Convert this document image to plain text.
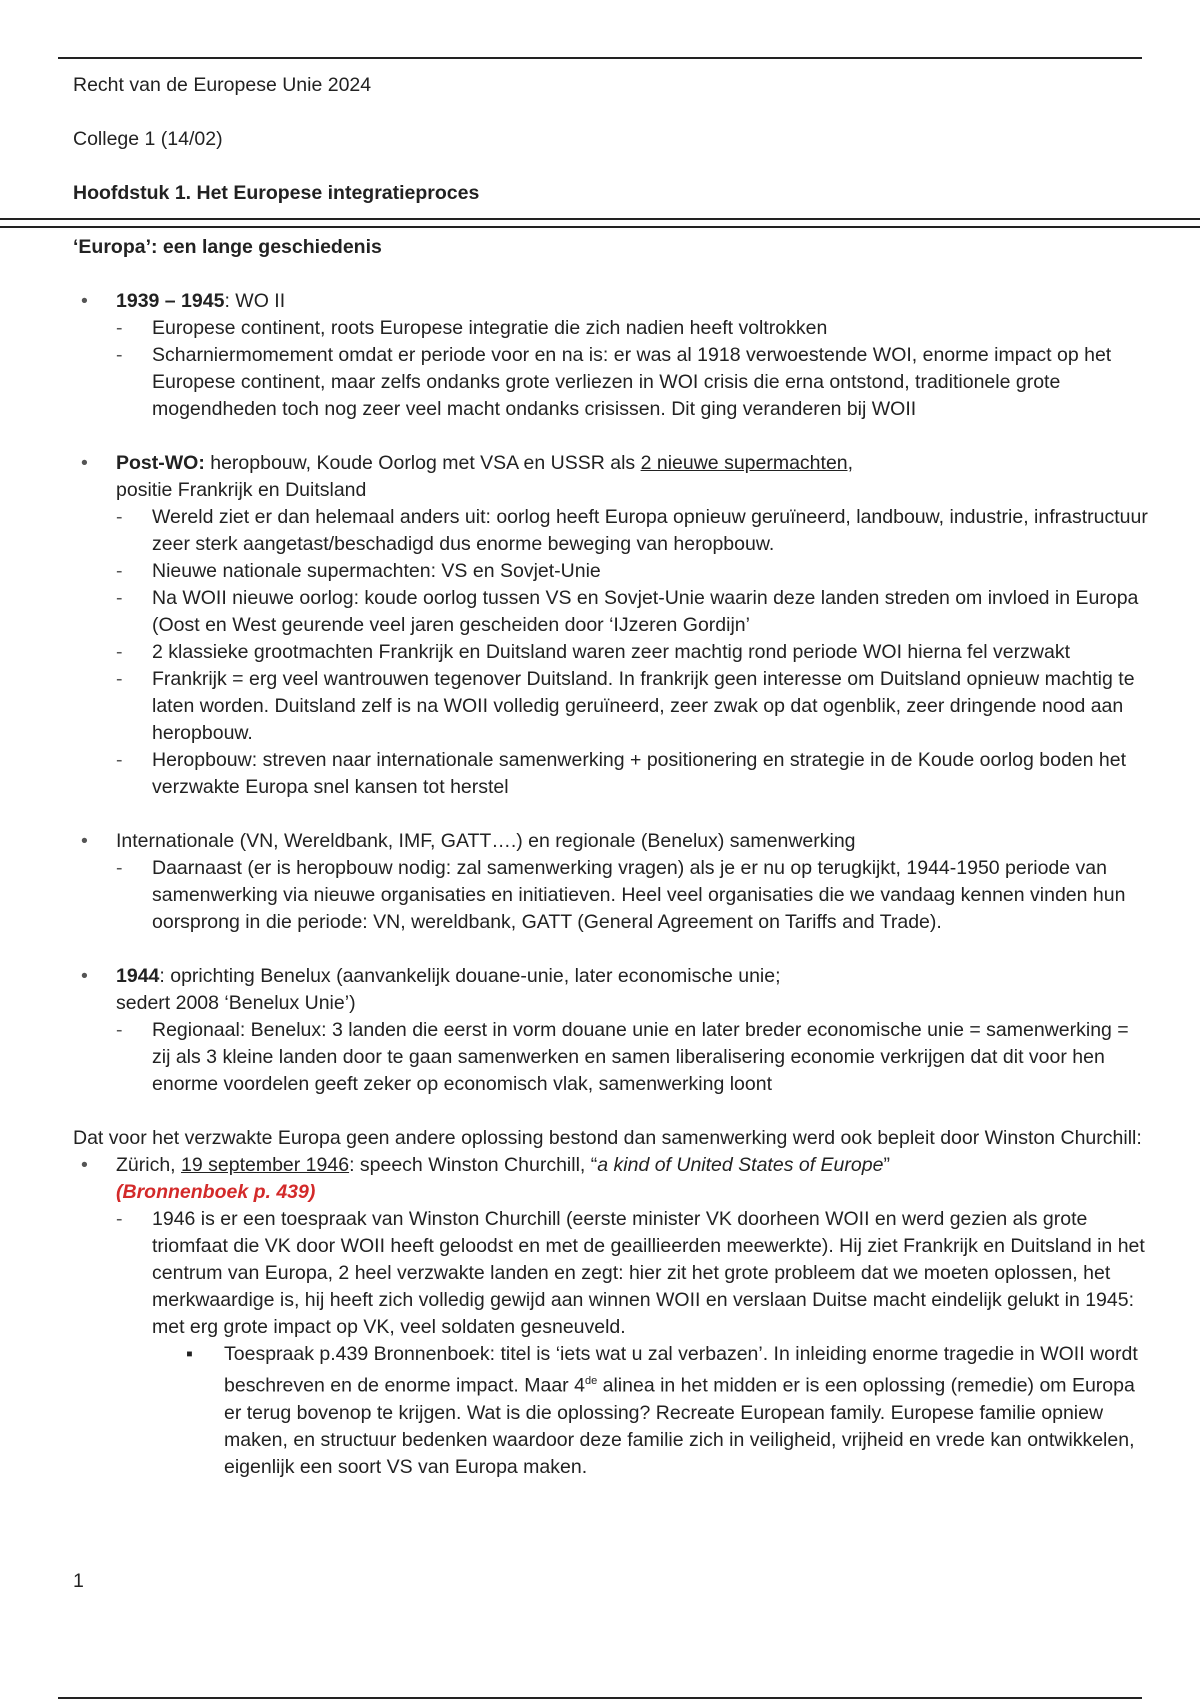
Recht van de Europese Unie 2024

College 1 (14/02)

Hoofdstuk 1. Het Europese integratieproces

‘Europa’: een lange geschiedenis

• 1939 – 1945: WO II
- Europese continent, roots Europese integratie die zich nadien heeft voltrokken
- Scharniermomement omdat er periode voor en na is: er was al 1918 verwoestende WOI, enorme impact op het Europese continent, maar zelfs ondanks grote verliezen in WOI crisis die erna ontstond, traditionele grote mogendheden toch nog zeer veel macht ondanks crisissen. Dit ging veranderen bij WOII
• Post-WO: heropbouw, Koude Oorlog met VSA en USSR als 2 nieuwe supermachten,
positie Frankrijk en Duitsland
- Wereld ziet er dan helemaal anders uit: oorlog heeft Europa opnieuw geruïneerd, landbouw, industrie, infrastructuur zeer sterk aangetast/beschadigd dus enorme beweging van heropbouw.
- Nieuwe nationale supermachten: VS en Sovjet-Unie
- Na WOII nieuwe oorlog: koude oorlog tussen VS en Sovjet-Unie waarin deze landen streden om invloed in Europa (Oost en West geurende veel jaren gescheiden door ‘IJzeren Gordijn’
- 2 klassieke grootmachten Frankrijk en Duitsland waren zeer machtig rond periode WOI hierna fel verzwakt
- Frankrijk = erg veel wantrouwen tegenover Duitsland. In frankrijk geen interesse om Duitsland opnieuw machtig te laten worden. Duitsland zelf is na WOII volledig geruïneerd, zeer zwak op dat ogenblik, zeer dringende nood aan heropbouw.
- Heropbouw: streven naar internationale samenwerking + positionering en strategie in de Koude oorlog boden het verzwakte Europa snel kansen tot herstel
• Internationale (VN, Wereldbank, IMF, GATT….) en regionale (Benelux) samenwerking
- Daarnaast (er is heropbouw nodig: zal samenwerking vragen) als je er nu op terugkijkt, 1944-1950 periode van samenwerking via nieuwe organisaties en initiatieven. Heel veel organisaties die we vandaag kennen vinden hun oorsprong in die periode: VN, wereldbank, GATT (General Agreement on Tariffs and Trade).
• 1944: oprichting Benelux (aanvankelijk douane-unie, later economische unie;
sedert 2008 ‘Benelux Unie’)
- Regionaal: Benelux: 3 landen die eerst in vorm douane unie en later breder economische unie = samenwerking = zij als 3 kleine landen door te gaan samenwerken en samen liberalisering economie verkrijgen dat dit voor hen enorme voordelen geeft zeker op economisch vlak, samenwerking loont

Dat voor het verzwakte Europa geen andere oplossing bestond dan samenwerking werd ook bepleit door Winston Churchill:

• Zürich, 19 september 1946: speech Winston Churchill, “a kind of United States of Europe”
(Bronnenboek p. 439)
- 1946 is er een toespraak van Winston Churchill (eerste minister VK doorheen WOII en werd gezien als grote triomfaat die VK door WOII heeft geloodst en met de geaillieerden meewerkte). Hij ziet Frankrijk en Duitsland in het centrum van Europa, 2 heel verzwakte landen en zegt: hier zit het grote probleem dat we moeten oplossen, het merkwaardige is, hij heeft zich volledig gewijd aan winnen WOII en verslaan Duitse macht eindelijk gelukt in 1945: met erg grote impact op VK, veel soldaten gesneuveld.
▪ Toespraak p.439 Bronnenboek: titel is ‘iets wat u zal verbazen’. In inleiding enorme tragedie in WOII wordt beschreven en de enorme impact. Maar 4de alinea in het midden er is een oplossing (remedie) om Europa er terug bovenop te krijgen. Wat is die oplossing? Recreate European family. Europese familie opniew maken, en structuur bedenken waardoor deze familie zich in veiligheid, vrijheid en vrede kan ontwikkelen, eigenlijk een soort VS van Europa maken.
1
